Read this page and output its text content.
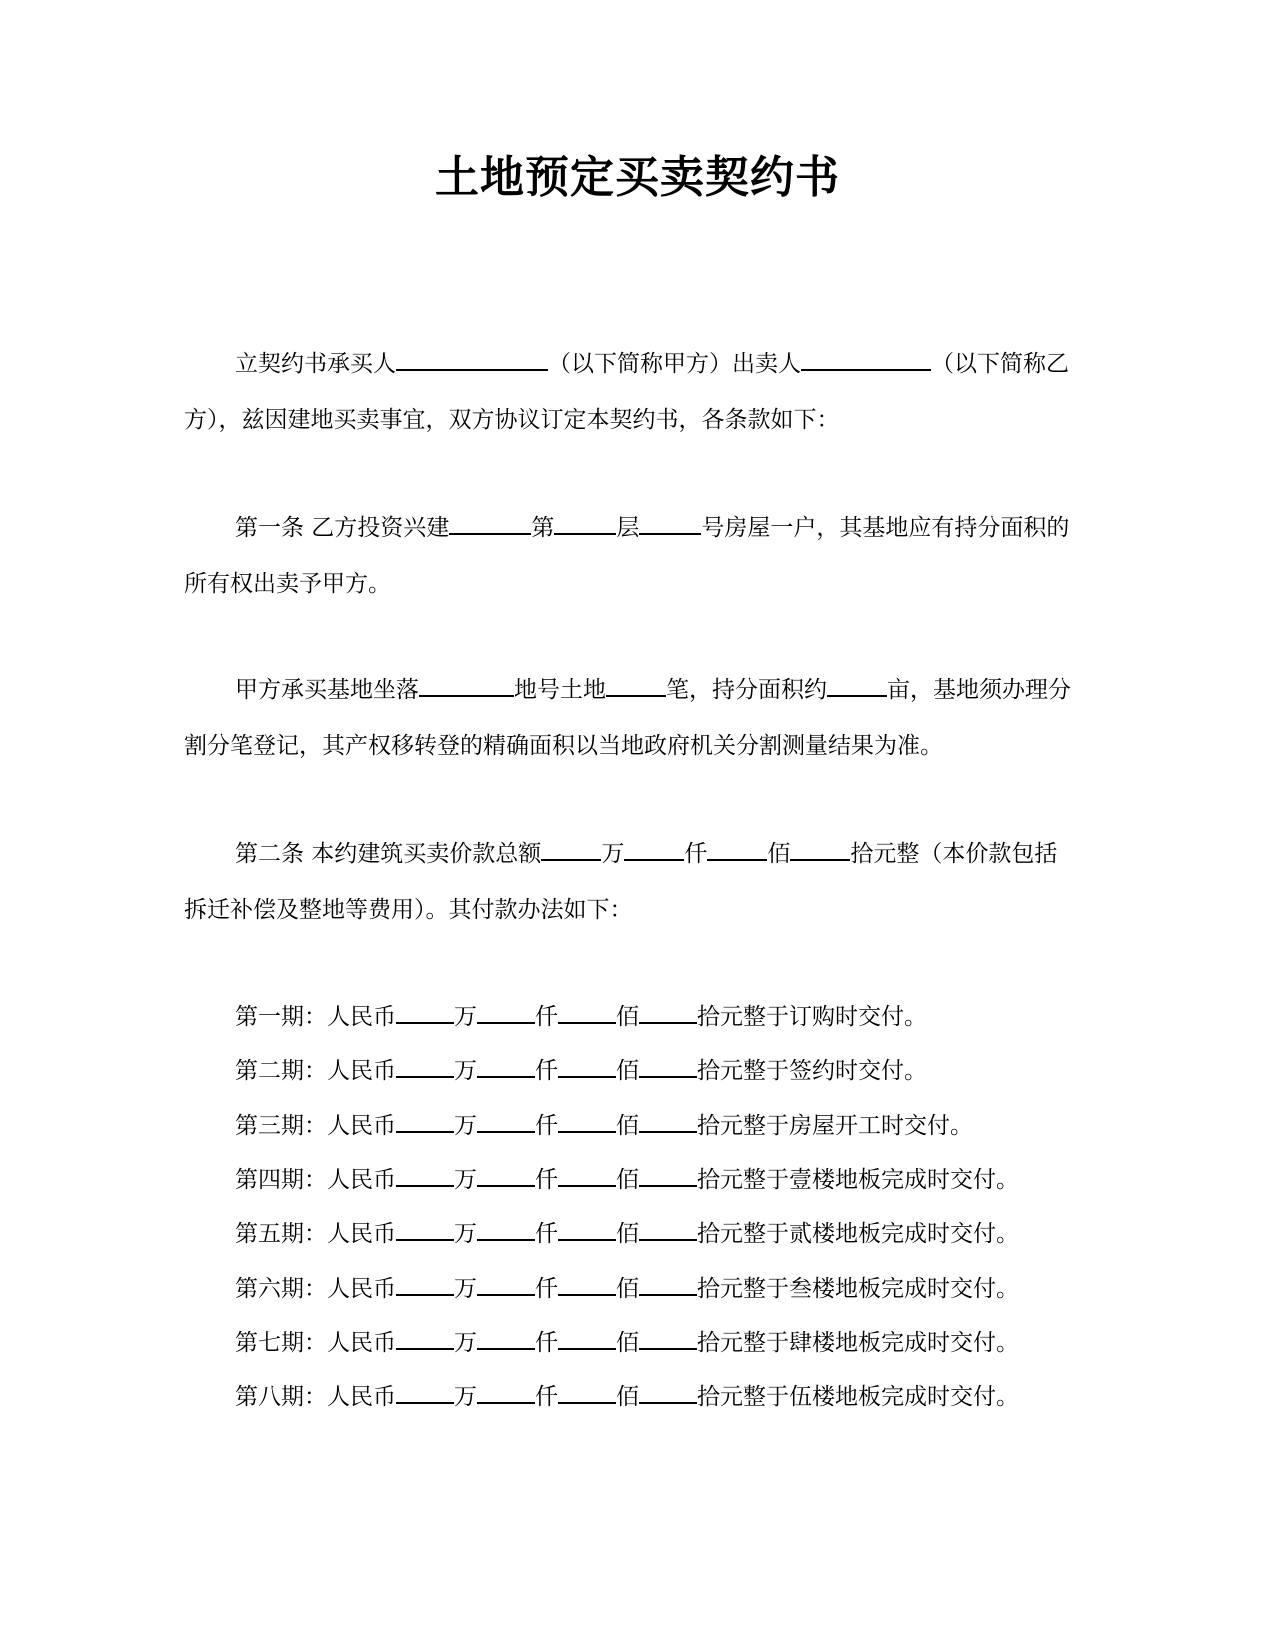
土地预定买卖契约书
立契约书承买人	（以下简称甲方）出卖人	（以下简称乙方），兹因建地买卖事宜，双方协议订定本契约书，各条款如下：
第一条 乙方投资兴建	第	层	号房屋一户，其基地应有持分面积的所有权出卖予甲方。
甲方承买基地坐落	地号土地	笔，持分面积约	亩，基地须办理分割分笔登记，其产权移转登的精确面积以当地政府机关分割测量结果为准。
第二条 本约建筑买卖价款总额	万	仟	佰	拾元整（本价款包括拆迁补偿及整地等费用）。其付款办法如下：
第一期：人民币	万	仟	佰	拾元整于订购时交付。
第二期：人民币	万	仟	佰	拾元整于签约时交付。
第三期：人民币	万	仟	佰	拾元整于房屋开工时交付。
第四期：人民币	万	仟	佰	拾元整于壹楼地板完成时交付。
第五期：人民币	万	仟	佰	拾元整于贰楼地板完成时交付。
第六期：人民币	万	仟	佰	拾元整于叁楼地板完成时交付。
第七期：人民币	万	仟	佰	拾元整于肆楼地板完成时交付。
第八期：人民币	万	仟	佰	拾元整于伍楼地板完成时交付。
